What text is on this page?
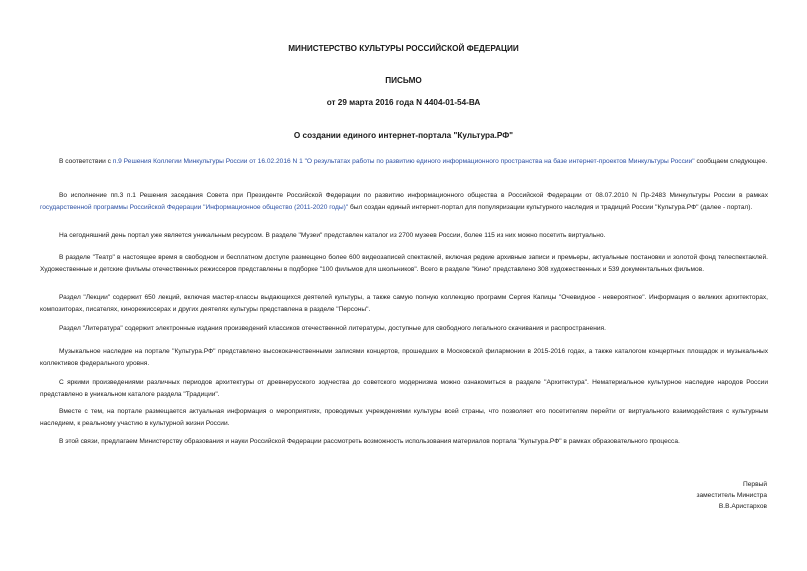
МИНИСТЕРСТВО КУЛЬТУРЫ РОССИЙСКОЙ ФЕДЕРАЦИИ
ПИСЬМО
от 29 марта 2016 года N 4404-01-54-ВА
О создании единого интернет-портала "Культура.РФ"

В соответствии с п.9 Решения Коллегии Минкультуры России от 16.02.2016 N 1 "О результатах работы по развитию единого информационного пространства на базе интернет-проектов Минкультуры России" сообщаем следующее.

Во исполнение пп.3 п.1 Решения заседания Совета при Президенте Российской Федерации по развитию информационного общества в Российской Федерации от 08.07.2010 N Пр-2483 Минкультуры России в рамках государственной программы Российской Федерации "Информационное общество (2011-2020 годы)" был создан единый интернет-портал для популяризации культурного наследия и традиций России "Культура.РФ" (далее - портал).

На сегодняшний день портал уже является уникальным ресурсом. В разделе "Музеи" представлен каталог из 2700 музеев России, более 115 из них можно посетить виртуально.

В разделе "Театр" в настоящее время в свободном и бесплатном доступе размещено более 600 видеозаписей спектаклей, включая редкие архивные записи и премьеры, актуальные постановки и золотой фонд телеспектаклей. Художественные и детские фильмы отечественных режиссеров представлены в подборке "100 фильмов для школьников". Всего в разделе "Кино" представлено 308 художественных и 539 документальных фильмов.

Раздел "Лекции" содержит 650 лекций, включая мастер-классы выдающихся деятелей культуры, а также самую полную коллекцию программ Сергея Капицы "Очевидное - невероятное". Информация о великих архитекторах, композиторах, писателях, кинорежиссерах и других деятелях культуры представлена в разделе "Персоны".

Раздел "Литература" содержит электронные издания произведений классиков отечественной литературы, доступные для свободного легального скачивания и распространения.

Музыкальное наследие на портале "Культура.РФ" представлено высококачественными записями концертов, прошедших в Московской филармонии в 2015-2016 годах, а также каталогом концертных площадок и музыкальных коллективов федерального уровня.

С яркими произведениями различных периодов архитектуры от древнерусского зодчества до советского модернизма можно ознакомиться в разделе "Архитектура". Нематериальное культурное наследие народов России представлено в уникальном каталоге раздела "Традиции".

Вместе с тем, на портале размещается актуальная информация о мероприятиях, проводимых учреждениями культуры всей страны, что позволяет его посетителям перейти от виртуального взаимодействия с культурным наследием, к реальному участию в культурной жизни России.

В этой связи, предлагаем Министерству образования и науки Российской Федерации рассмотреть возможность использования материалов портала "Культура.РФ" в рамках образовательного процесса.

Первый
заместитель Министра
В.В.Аристархов
